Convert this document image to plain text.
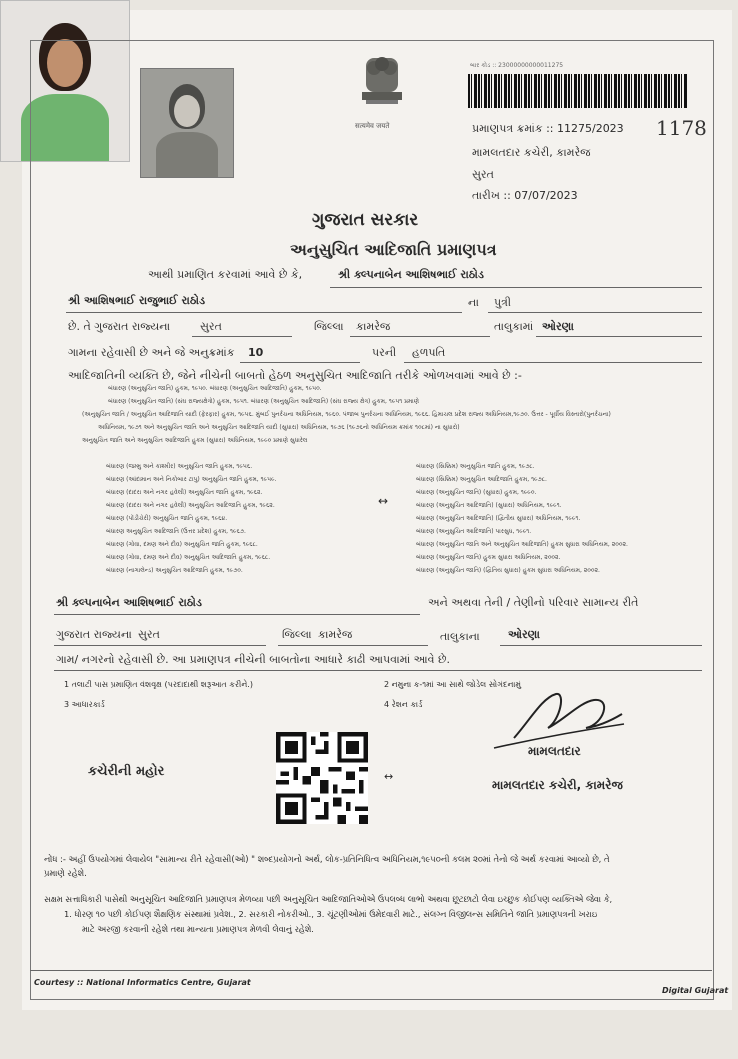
सत्यमेव जयते
બાર કોડ :: 23000000000011275
પ્રમાણપત્ર ક્રમાંક :: 11275/2023 1178
મામલતદાર કચેરી, કામરેજ
સુરત
તારીખ :: 07/07/2023
ગુજરાત સરકાર
અનુસુચિત આદિજાતિ પ્રમાણપત્ર
આથી પ્રમાણિત કરવામાં આવે છે કે,	શ્રી ક્લ્પનાબેન આશિષભાઈ રાઠોડ
શ્રી આશિષભાઈ રાજુભાઈ રાઠોડ	ના પુત્રી
છે. તે ગુજરાત રાજ્યના	સુરત	જિલ્લા કામરેજ	તાલુકામાં ઓરણા
ગામના રહેવાસી છે અને જે અનુક્રમાંક 10	પરની હળપતિ
આદિજાતિની વ્યક્તિ છે, જેને નીચેની બાબતો હેઠળ અનુસુચિત આદિજાતિ તરીકે ઓળખવામાં આવે છે :-
બંધારણ (અનુસુચિત જાતિ) હુકમ, ૧૯૫૦. બંધારણ (અનુસુચિત આદિજાતિ) હુકમ, ૧૯૫૦.
બંધારણ (અનુસુચિત જાતિ) (સંઘ રાજ્યક્ષેત્રો) હુકમ, ૧૯૫૧. બંધારણ (અનુસુચિત આદિજાતિ) (સંઘ રાજ્ય ક્ષેત્ર) હુકમ, ૧૯૫૧ પ્રમાણે
(અનુસુચિત જાતિ / અનુસુચિત આદિજાતિ યાદી (ફેરફાર) હુકમ, ૧૯૫૬. મુંબઈ પુનર્રચના અધિનિયમ, ૧૯૬૦. પંજાબ પુનર્રચના અધિનિયમ, ૧૯૬૬. હિમાચલ પ્રદેશ રાજ્ય અધિનિયમ,૧૯૭૦. ઉત્તર - પૂર્વીય વિસ્તારો(પુનર્રચના)
અધિનિયમ, ૧૯૭૧ અને અનુસુચિત જાતિ અને અનુસુચિત આદિજાતિ યાદી (સુધારા) અધિનિયમ, ૧૯૭૬ (૧૯૭૬નો અધિનિયમ ક્રમાંક ૧૦૮માં) ના સુધારો)
અનુસુચિત જાતિ અને અનુસુચિત આદિજાતિ હુકમ (સુધારા) અધિનિયમ, ૧૯૯૦ પ્રમાણે સુધારેલ
બંધારણ (જમ્મુ અને કાશ્મીર) અનુસુચિત જાતિ હુકમ, ૧૯૫૬.
બંધારણ (આંદામાન અને નિકોબાર ટાપુ) અનુસુચિત જાતિ હુકમ, ૧૯૫૯.
બંધારણ (દાદરા અને નગર હવેલી) અનુસુચિત જાતિ હુકમ, ૧૯૬૨.
બંધારણ (દાદરા અને નગર હવેલી) અનુસુચિત આદિજાતિ હુકમ, ૧૯૬૨.
બંધારણ (પોંડીચેરી) અનુસુચિત જાતિ હુકમ, ૧૯૬૪.
બંધારણ અનુસુચિત આદિજાતિ (ઉત્તર પ્રદેશ) હુકમ, ૧૯૬૭.
બંધારણ (ગોવા, દમણ અને દીવ) અનુસુચિત જાતિ હુકમ, ૧૯૬૮.
બંધારણ (ગોવા, દમણ અને દીવ) અનુસુચિત આદિજાતિ હુકમ, ૧૯૬૮.
બંધારણ (નાગાલેન્ડ) અનુસુચિત આદિજાતિ હુકમ, ૧૯૭૦.
↔
બંધારણ (સિક્કિમ) અનુસુચિત જાતિ હુકમ, ૧૯૭૮.
બંધારણ (સિક્કિમ) અનુસુચિત આદિજાતિ હુકમ, ૧૯૭૮.
બંધારણ (અનુસુચિત જાતિ) (સુધારા) હુકમ, ૧૯૯૦.
બંધારણ (અનુસુચિત આદિજાતિ) (સુધારા) અધિનિયમ, ૧૯૯૧.
બંધારણ (અનુસુચિત આદિજાતિ) (દ્વિતીય સુધારા) અધિનિયમ, ૧૯૯૧.
બંધારણ (અનુસુચિત આદિજાતિ) પારસુધ, ૧૯૯૧.
બંધારણ (અનુસુચિત જાતિ અને અનુસુચિત આદિજાતિ) હુકમ સુધારા અધિનિયમ, ૨૦૦૨.
બંધારણ (અનુસુચિત જાતિ) હુકમ સુધારા અધિનિયમ, ૨૦૦૨.
બંધારણ (અનુસુચિત જાતિ) (દ્વિતિય સુધારા) હુકમ સુધારા અધિનિયમ, ૨૦૦૨.
શ્રી ક્લ્પનાબેન આશિષભાઈ રાઠોડ	અને અથવા તેની / તેણીનો પરિવાર સામાન્ય રીતે
ગુજરાત રાજ્યના સુરત	જિલ્લા કામરેજ	તાલુકાના	ઓરણા
ગામ/ નગરનો રહેવાસી છે. આ પ્રમાણપત્ર નીચેની બાબતોના આધારે કાઢી આપવામાં આવે છે.
1 તલાટી પાસ પ્રમાણિત વંશવૃક્ષ (પરદાદાથી શરૂઆત કરીને.)	2 નમુના ક-૧માં આ સાથે જોડેલ સોગંદનામું
3 આધારકાર્ડ	4 રેશન કાર્ડ
કચેરીની મહોર	↔
મામલતદાર
મામલતદાર કચેરી, કામરેજ
નોંધ :- અહીં ઉપયોગમાં લેવાયેલ "સામાન્ય રીતે રહેવાસી(ઓ) " શબ્દપ્રયોગનો અર્થ, લોક-પ્રતિનિધિત્વ અધિનિયમ,૧૯૫૦ની કલમ ૨૦માં તેનો જે અર્થ કરવામાં આવ્યો છે, તે
પ્રમાણે રહેશે.
સક્ષમ સત્તાધિકારી પાસેથી અનુસૂચિત આદિજાતિ પ્રમાણપત્ર મેળવ્યા પછી અનુસૂચિત આદિજાતિઓએ ઉપલબ્ધ લાભો અથવા છૂટછાટો લેવા ઇચ્છુક કોઈપણ વ્યક્તિએ જેવા કે,
1. ધોરણ ૧૦ પછી કોઈપણ શૈક્ષણિક સંસ્થામાં પ્રવેશ., 2. સરકારી નોકરીઓ., 3. ચૂંટણીઓમાં ઉમેદવારી માટે., સંલગ્ન વિજીલન્સ સમિતિને જાતિ પ્રમાણપત્રની ખરાઇ
માટે અરજી કરવાની રહેશે તથા માન્યતા પ્રમાણપત્ર મેળવી લેવાનું રહેશે.
Courtesy :: National Informatics Centre, Gujarat
Digital Gujarat
